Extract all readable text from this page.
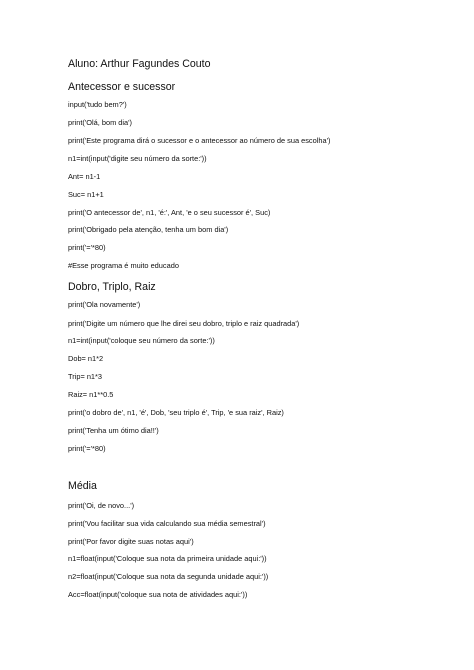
Aluno: Arthur Fagundes Couto
Antecessor e sucessor
input('tudo bem?')
print('Olá, bom dia')
print('Este programa dirá o sucessor e o antecessor ao número de sua escolha')
n1=int(input('digite seu número da sorte:'))
Ant= n1-1
Suc= n1+1
print('O antecessor de', n1, 'é:', Ant, 'e o seu sucessor é', Suc)
print('Obrigado pela atenção, tenha um bom dia')
print('='*80)
#Esse programa é muito educado
Dobro, Triplo, Raiz
print('Ola novamente')
print('Digite um número que lhe direi seu dobro, triplo e raiz quadrada')
n1=int(input('coloque seu número da sorte:'))
Dob= n1*2
Trip= n1*3
Raiz= n1**0.5
print('o dobro de', n1, 'é', Dob, 'seu triplo é', Trip, 'e sua raiz', Raiz)
print('Tenha um ótimo dia!!')
print('='*80)
Média
print('Oi, de novo...')
print('Vou facilitar sua vida calculando sua média semestral')
print('Por favor digite suas notas aqui')
n1=float(input('Coloque sua nota da primeira unidade aqui:'))
n2=float(input('Coloque sua nota da segunda unidade aqui:'))
Acc=float(input('coloque sua nota de atividades aqui:'))
